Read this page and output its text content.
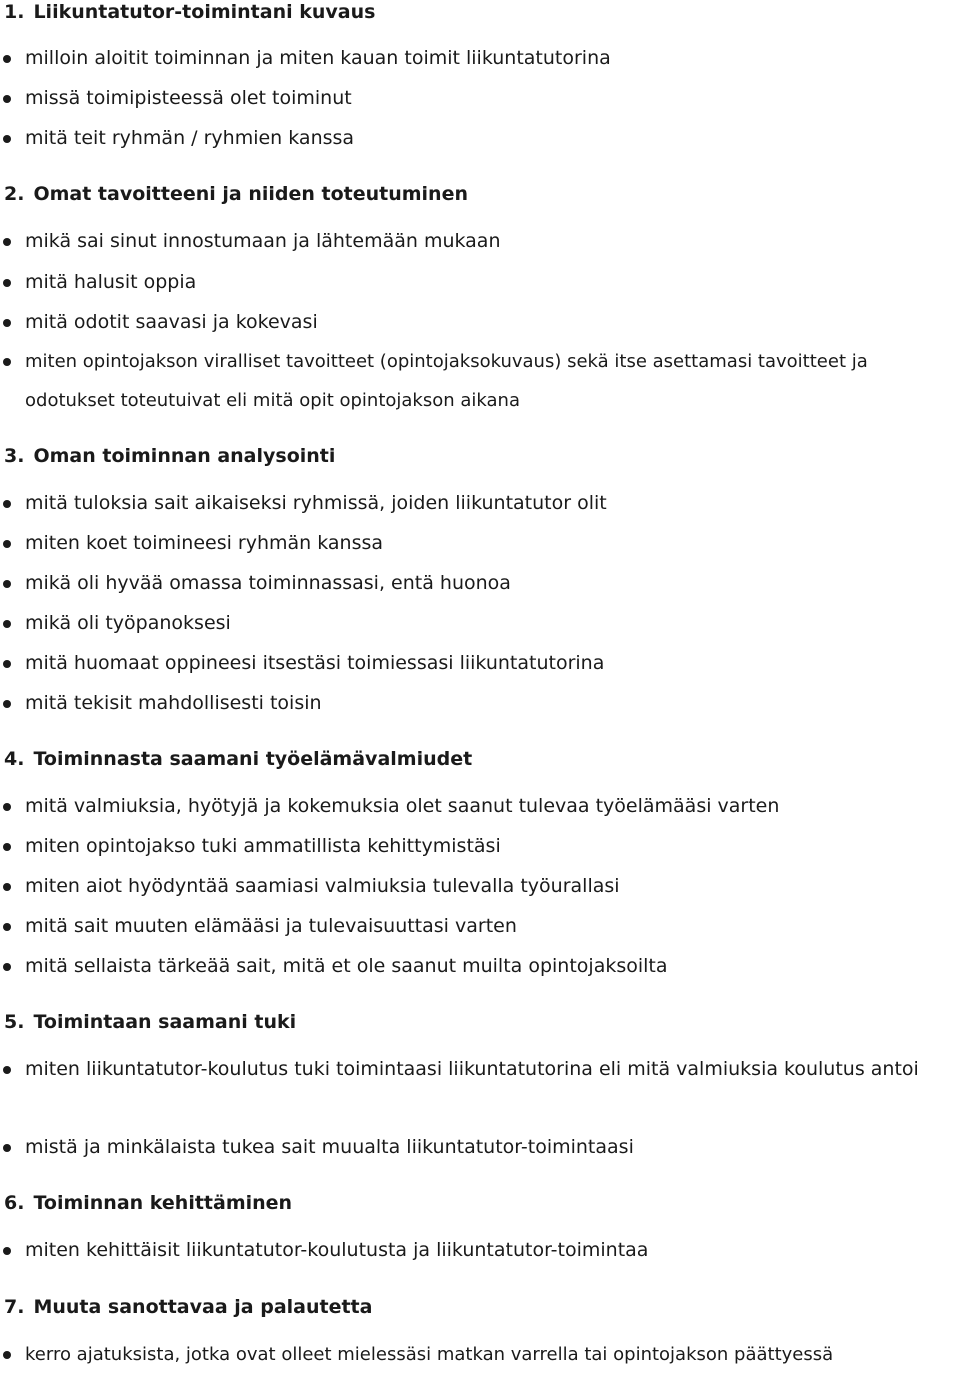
1. Liikuntatutor-toimintani kuvaus
milloin aloitit toiminnan ja miten kauan toimit liikuntatutorina
missä toimipisteessä olet toiminut
mitä teit ryhmän / ryhmien kanssa
2. Omat tavoitteeni ja niiden toteutuminen
mikä sai sinut innostumaan ja lähtemään mukaan
mitä halusit oppia
mitä odotit saavasi ja kokevasi
miten opintojakson viralliset tavoitteet (opintojaksokuvaus) sekä itse asettamasi tavoitteet ja odotukset toteutuivat eli mitä opit opintojakson aikana
3. Oman toiminnan analysointi
mitä tuloksia sait aikaiseksi ryhmissä, joiden liikuntatutor olit
miten koet toimineesi ryhmän kanssa
mikä oli hyvää omassa toiminnassasi, entä huonoa
mikä oli työpanoksesi
mitä huomaat oppineesi itsestäsi toimiessasi liikuntatutorina
mitä tekisit mahdollisesti toisin
4. Toiminnasta saamani työelämävalmiudet
mitä valmiuksia, hyötyjä ja kokemuksia olet saanut tulevaa työelämääsi varten
miten opintojakso tuki ammatillista kehittymistäsi
miten aiot hyödyntää saamiasi valmiuksia tulevalla työurallasi
mitä sait muuten elämääsi ja tulevaisuuttasi varten
mitä sellaista tärkeää sait, mitä et ole saanut muilta opintojaksoilta
5. Toimintaan saamani tuki
miten liikuntatutor-koulutus tuki toimintaasi liikuntatutorina eli mitä valmiuksia koulutus antoi
mistä ja minkälaista tukea sait muualta liikuntatutor-toimintaasi
6. Toiminnan kehittäminen
miten kehittäisit liikuntatutor-koulutusta ja liikuntatutor-toimintaa
7. Muuta sanottavaa ja palautetta
kerro ajatuksista, jotka ovat olleet mielessäsi matkan varrella tai opintojakson päättyessä
